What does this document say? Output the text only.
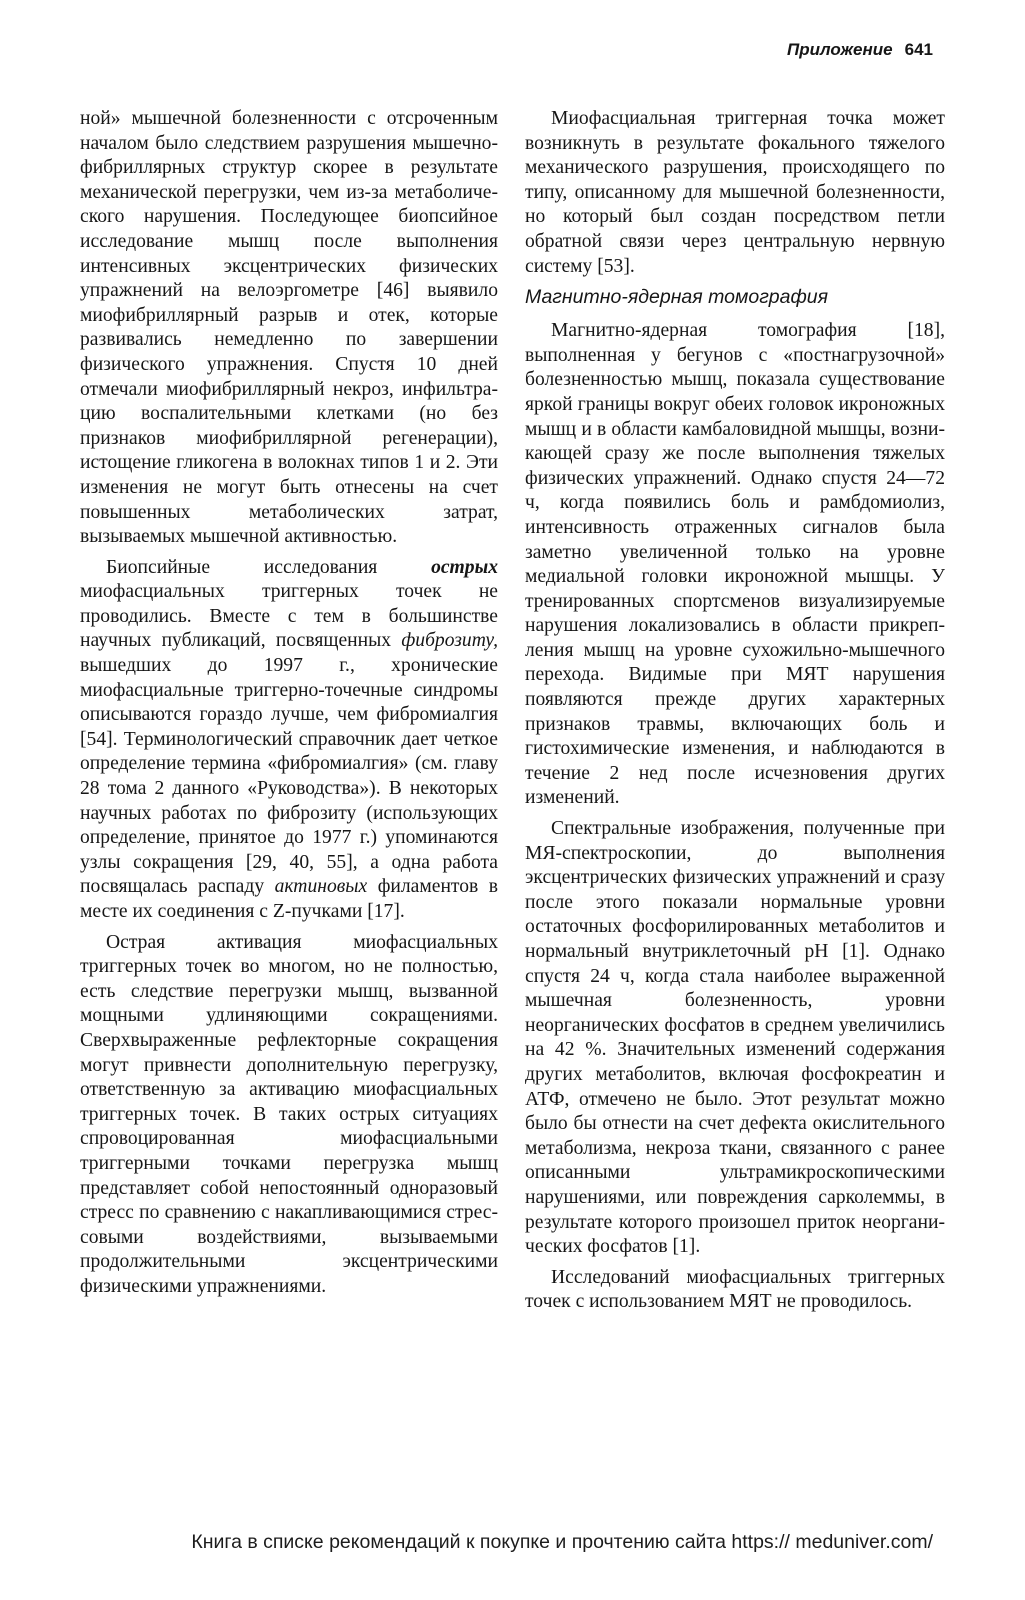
Приложение 641

ной» мышечной болезненности с отсроченным началом было следствием разрушения мышечно-фибриллярных структур скорее в результате механической перегрузки, чем из-за метаболического нарушения. Последующее биопсийное исследование мышц после выполнения интенсивных эксцентрических физических упражнений на велоэргометре [46] выявило миофибриллярный разрыв и отек, которые развивались немедленно по завершении физического упражнения. Спустя 10 дней отмечали миофибриллярный некроз, инфильтрацию воспалительными клетками (но без признаков миофибриллярной регенерации), истощение гликогена в волокнах типов 1 и 2. Эти изменения не могут быть отнесены на счет повышенных метаболических затрат, вызываемых мышечной активностью.

Биопсийные исследования острых миофасциальных триггерных точек не проводились. Вместе с тем в большинстве научных публикаций, посвященных фиброзиту, вышедших до 1997 г., хронические миофасциальные триггерно-точечные синдромы описываются гораздо лучше, чем фибромиалгия [54]. Терминологический справочник дает четкое определение термина «фибромиалгия» (см. главу 28 тома 2 данного «Руководства»). В некоторых научных работах по фиброзиту (использующих определение, принятое до 1977 г.) упоминаются узлы сокращения [29, 40, 55], а одна работа посвящалась распаду актиновых филаментов в месте их соединения с Z-пучками [17].

Острая активация миофасциальных триггерных точек во многом, но не полностью, есть следствие перегрузки мышц, вызванной мощными удлиняющими сокращениями. Сверхвыраженные рефлекторные сокращения могут привнести дополнительную перегрузку, ответственную за активацию миофасциальных триггерных точек. В таких острых ситуациях спровоцированная миофасциальными триггерными точками перегрузка мышц представляет собой непостоянный одноразовый стресс по сравнению с накапливающимися стрессовыми воздействиями, вызываемыми продолжительными эксцентрическими физическими упражнениями.

Миофасциальная триггерная точка может возникнуть в результате фокального тяжелого механического разрушения, происходящего по типу, описанному для мышечной болезненности, но который был создан посредством петли обратной связи через центральную нервную систему [53].

Магнитно-ядерная томография

Магнитно-ядерная томография [18], выполненная у бегунов с «постнагрузочной» болезненностью мышц, показала существование яркой границы вокруг обеих головок икроножных мышц и в области камбаловидной мышцы, возникающей сразу же после выполнения тяжелых физических упражнений. Однако спустя 24—72 ч, когда появились боль и рамбдомиолиз, интенсивность отраженных сигналов была заметно увеличенной только на уровне медиальной головки икроножной мышцы. У тренированных спортсменов визуализируемые нарушения локализовались в области прикрепления мышц на уровне сухожильно-мышечного перехода. Видимые при МЯТ нарушения появляются прежде других характерных признаков травмы, включающих боль и гистохимические изменения, и наблюдаются в течение 2 нед после исчезновения других изменений.

Спектральные изображения, полученные при МЯ-спектроскопии, до выполнения эксцентрических физических упражнений и сразу после этого показали нормальные уровни остаточных фосфорилированных метаболитов и нормальный внутриклеточный pH [1]. Однако спустя 24 ч, когда стала наиболее выраженной мышечная болезненность, уровни неорганических фосфатов в среднем увеличились на 42 %. Значительных изменений содержания других метаболитов, включая фосфокреатин и АТФ, отмечено не было. Этот результат можно было бы отнести на счет дефекта окислительного метаболизма, некроза ткани, связанного с ранее описанными ультрамикроскопическими нарушениями, или повреждения сарколеммы, в результате которого произошел приток неорганических фосфатов [1].

Исследований миофасциальных триггерных точек с использованием МЯТ не проводилось.

Книга в списке рекомендаций к покупке и прочтению сайта https:// meduniver.com/
